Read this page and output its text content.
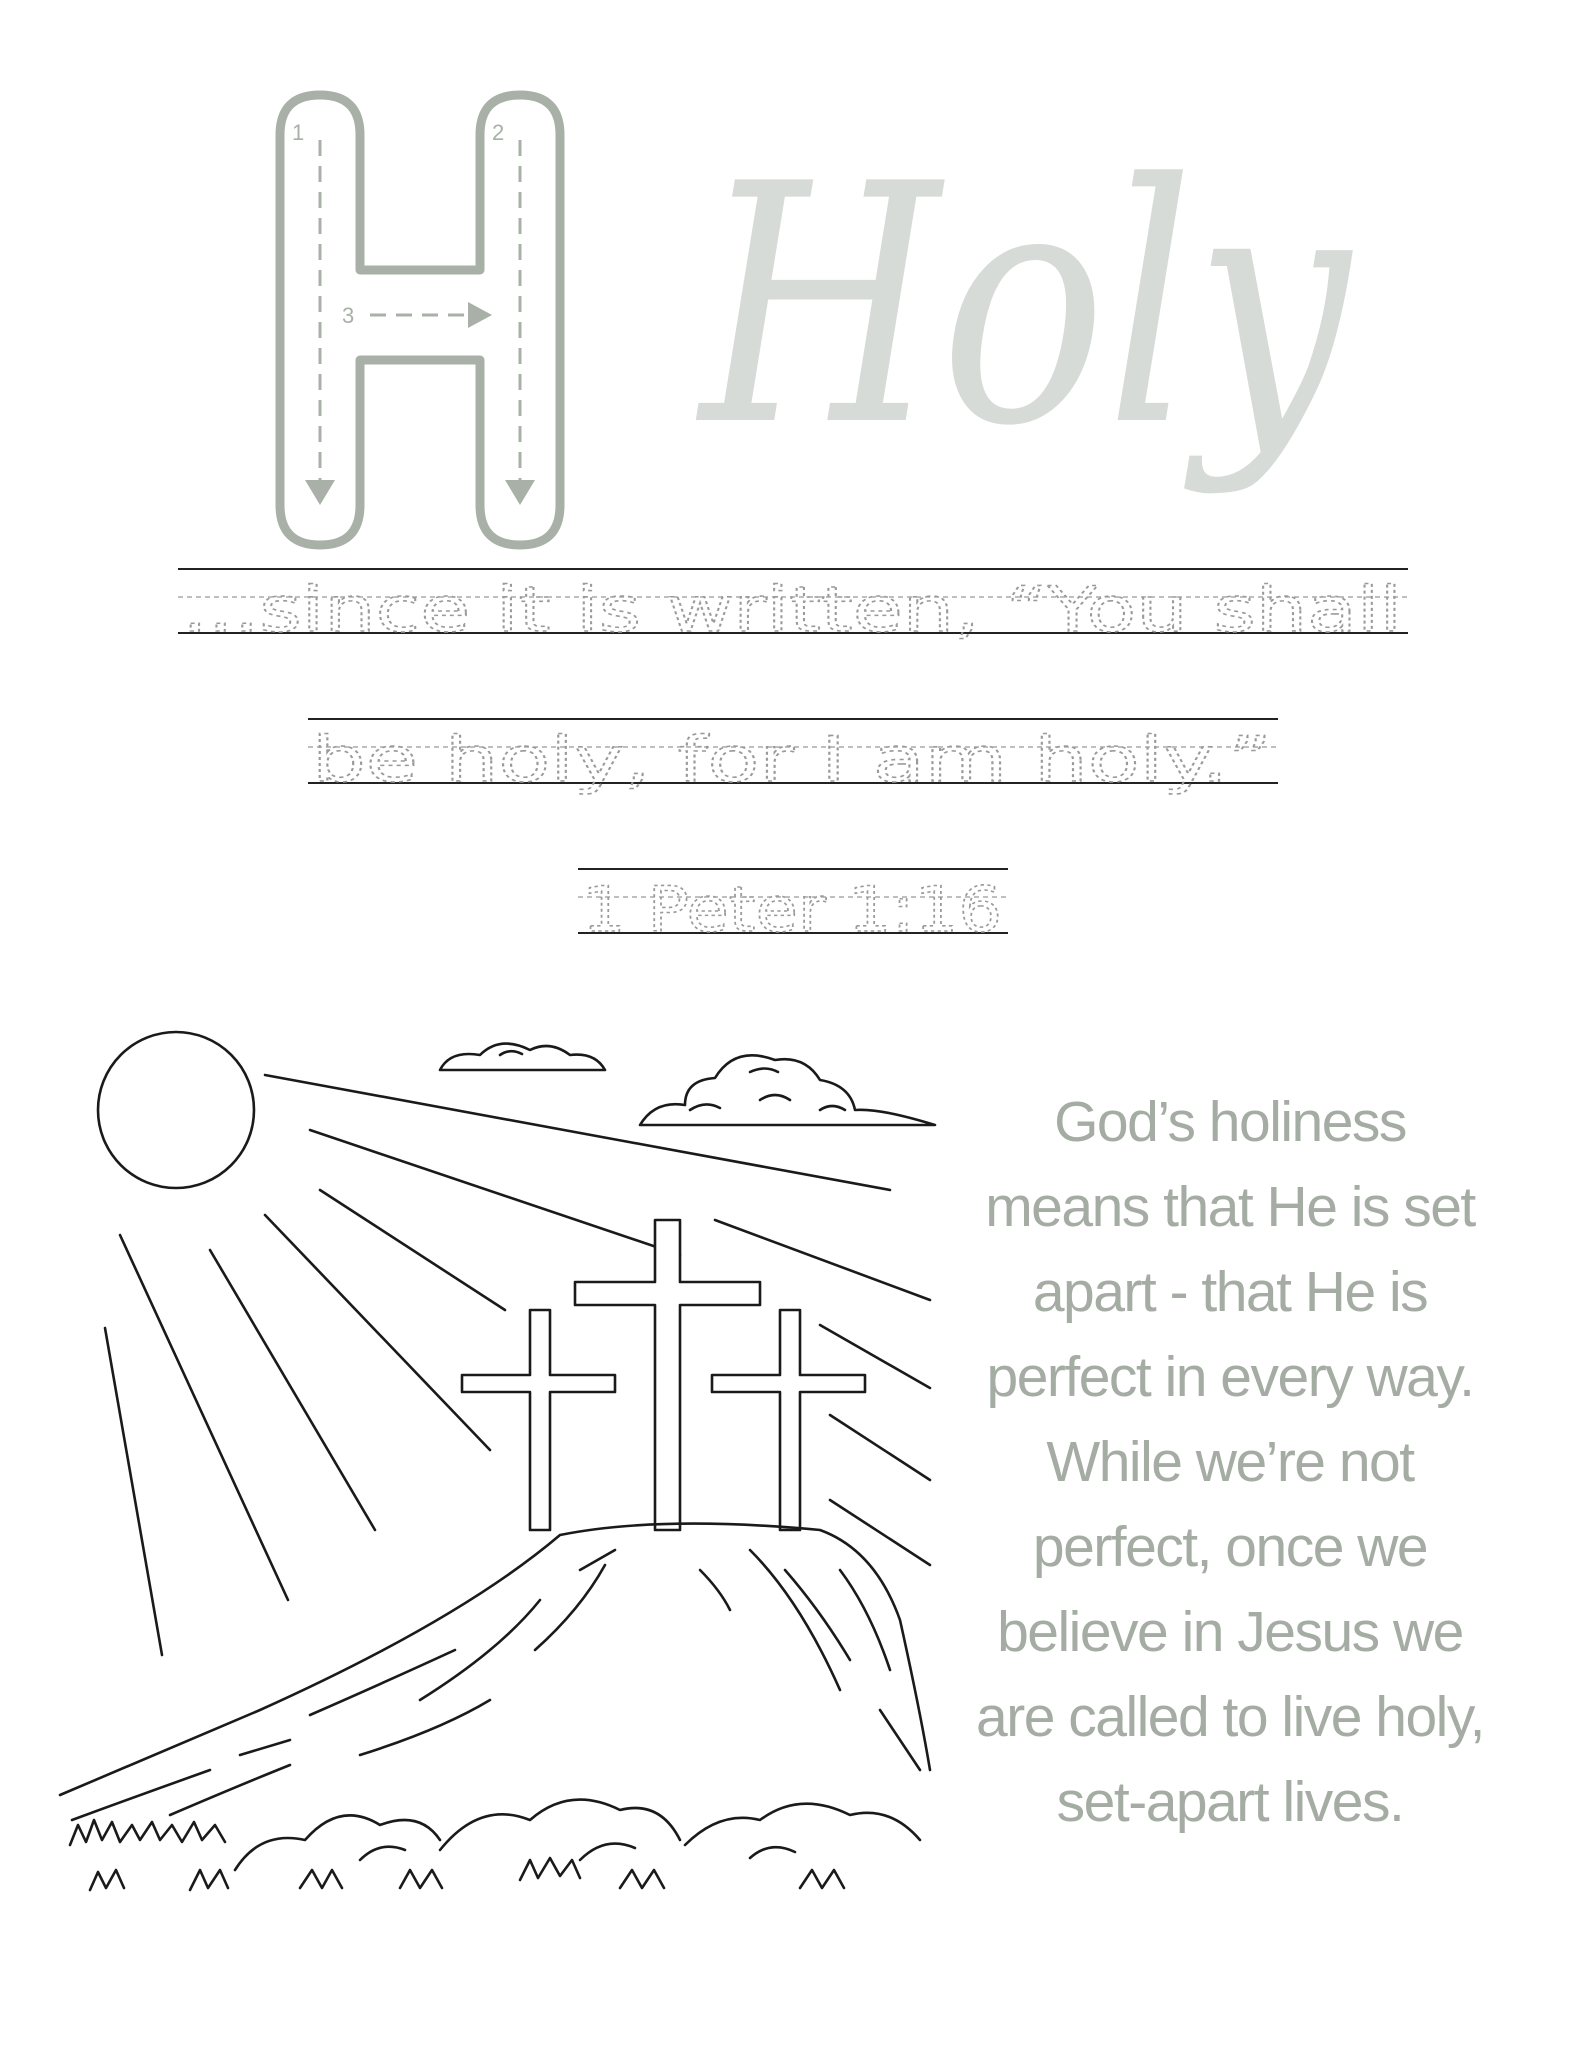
1	2
3 Holy
...since it is written, “You shall
be holy, for I am holy.”
1 Peter 1:16
God’s holiness
means that He is set
apart - that He is
perfect in every way.
While we’re not
perfect, once we
believe in Jesus we
are called to live holy,
set-apart lives.
